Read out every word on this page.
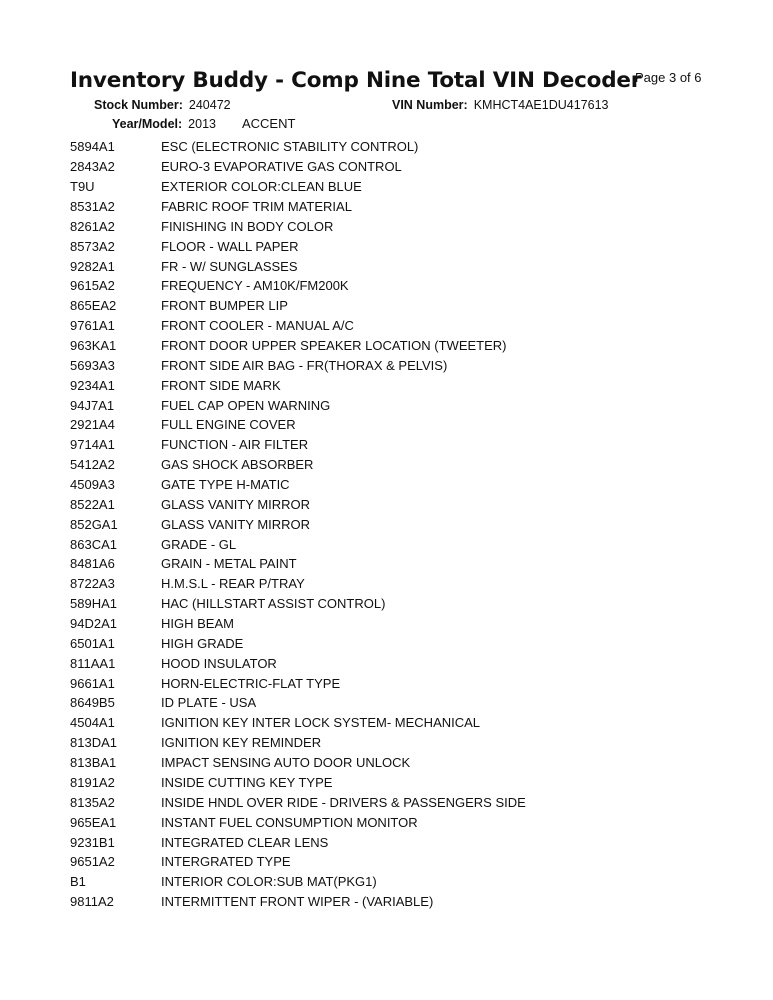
Inventory Buddy - Comp Nine Total VIN Decoder
Page 3 of 6
Stock Number: 240472	VIN Number: KMHCT4AE1DU417613
Year/Model: 2013 ACCENT
5894A1	ESC (ELECTRONIC STABILITY CONTROL)
2843A2	EURO-3 EVAPORATIVE GAS CONTROL
T9U	EXTERIOR COLOR:CLEAN BLUE
8531A2	FABRIC ROOF TRIM MATERIAL
8261A2	FINISHING IN BODY COLOR
8573A2	FLOOR - WALL PAPER
9282A1	FR - W/ SUNGLASSES
9615A2	FREQUENCY - AM10K/FM200K
865EA2	FRONT BUMPER LIP
9761A1	FRONT COOLER - MANUAL A/C
963KA1	FRONT DOOR UPPER SPEAKER LOCATION (TWEETER)
5693A3	FRONT SIDE AIR BAG - FR(THORAX & PELVIS)
9234A1	FRONT SIDE MARK
94J7A1	FUEL CAP OPEN WARNING
2921A4	FULL ENGINE COVER
9714A1	FUNCTION - AIR FILTER
5412A2	GAS SHOCK ABSORBER
4509A3	GATE TYPE H-MATIC
8522A1	GLASS VANITY MIRROR
852GA1	GLASS VANITY MIRROR
863CA1	GRADE - GL
8481A6	GRAIN - METAL PAINT
8722A3	H.M.S.L - REAR P/TRAY
589HA1	HAC (HILLSTART ASSIST CONTROL)
94D2A1	HIGH BEAM
6501A1	HIGH GRADE
811AA1	HOOD INSULATOR
9661A1	HORN-ELECTRIC-FLAT TYPE
8649B5	ID PLATE - USA
4504A1	IGNITION KEY INTER LOCK SYSTEM- MECHANICAL
813DA1	IGNITION KEY REMINDER
813BA1	IMPACT SENSING AUTO DOOR UNLOCK
8191A2	INSIDE CUTTING KEY TYPE
8135A2	INSIDE HNDL OVER RIDE - DRIVERS & PASSENGERS SIDE
965EA1	INSTANT FUEL CONSUMPTION MONITOR
9231B1	INTEGRATED CLEAR LENS
9651A2	INTERGRATED TYPE
B1	INTERIOR COLOR:SUB MAT(PKG1)
9811A2	INTERMITTENT FRONT WIPER - (VARIABLE)
